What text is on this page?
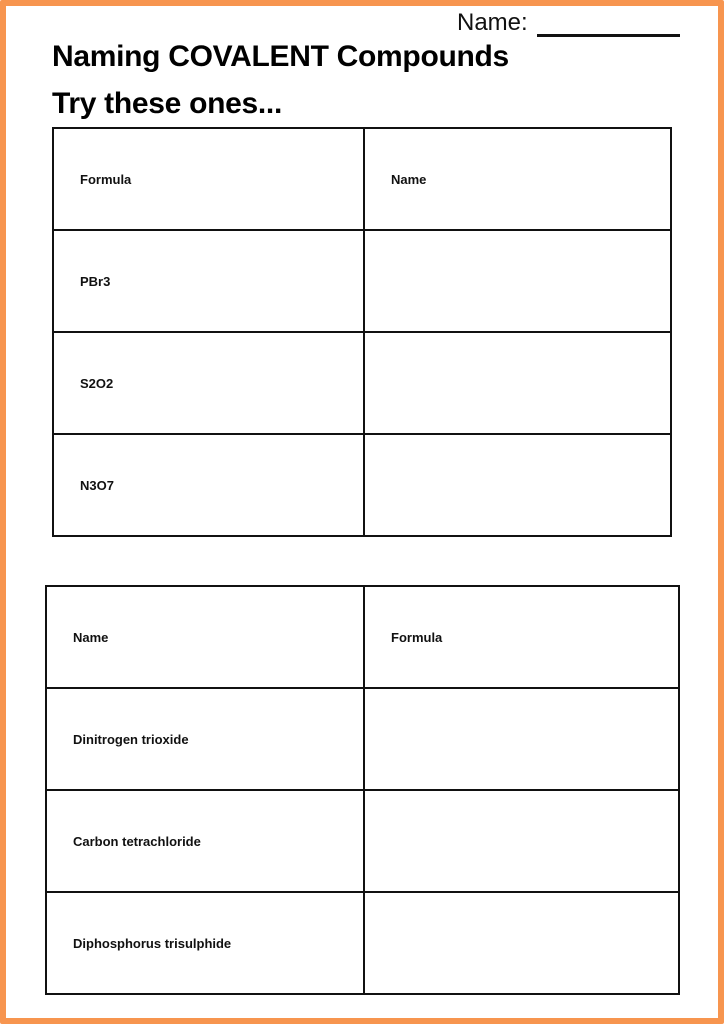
Name:
Naming COVALENT Compounds
Try these ones...
Formula	Name
PBr3	
S2O2	
N3O7	
Name	Formula
Dinitrogen trioxide	
Carbon tetrachloride	
Diphosphorus trisulphide	
